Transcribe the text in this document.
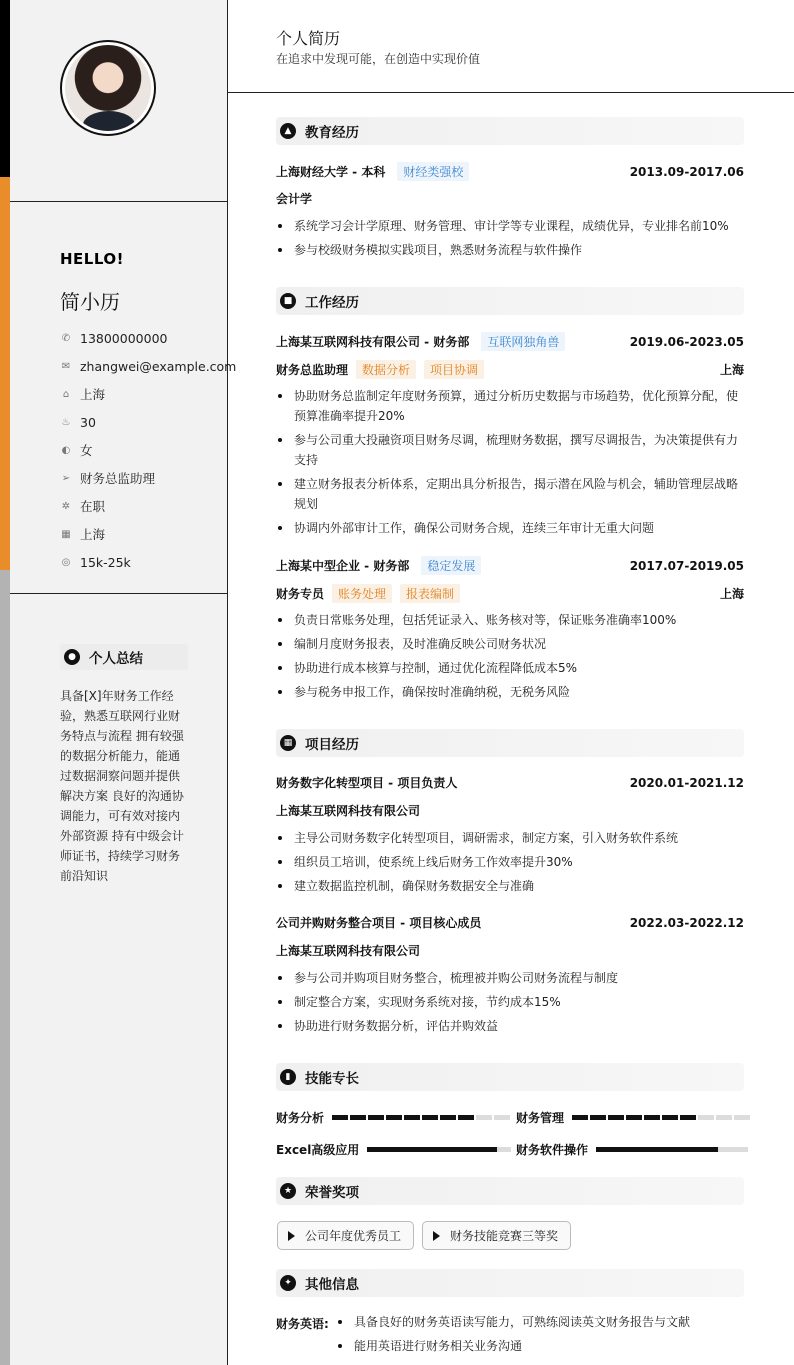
HELLO!
简小历
✆ 13800000000
✉ zhangwei@example.com
⌂ 上海
♨ 30
◐ 女
➢ 财务总监助理
✲ 在职
▦ 上海
◎ 15k-25k
● 个人总结
具备[X]年财务工作经验，熟悉互联网行业财务特点与流程 拥有较强的数据分析能力，能通过数据洞察问题并提供解决方案 良好的沟通协调能力，可有效对接内外部资源 持有中级会计师证书，持续学习财务前沿知识
个人简历
在追求中发现可能，在创造中实现价值
▲	教育经历
上海财经大学 - 本科	财经类强校	2013.09-2017.06
会计学
系统学习会计学原理、财务管理、审计学等专业课程，成绩优异，专业排名前10%
参与校级财务模拟实践项目，熟悉财务流程与软件操作
■ 工作经历
上海某互联网科技有限公司 - 财务部	互联网独角兽	2019.06-2023.05
财务总监助理	数据分析	项目协调	上海
协助财务总监制定年度财务预算，通过分析历史数据与市场趋势，优化预算分配，使预算准确率提升20%
参与公司重大投融资项目财务尽调，梳理财务数据，撰写尽调报告，为决策提供有力支持
建立财务报表分析体系，定期出具分析报告，揭示潜在风险与机会，辅助管理层战略规划
协调内外部审计工作，确保公司财务合规，连续三年审计无重大问题
上海某中型企业 - 财务部	稳定发展	2017.07-2019.05
财务专员	账务处理	报表编制	上海
负责日常账务处理，包括凭证录入、账务核对等，保证账务准确率100%
编制月度财务报表，及时准确反映公司财务状况
协助进行成本核算与控制，通过优化流程降低成本5%
参与税务申报工作，确保按时准确纳税，无税务风险
▦ 项目经历
财务数字化转型项目 - 项目负责人	2020.01-2021.12
上海某互联网科技有限公司
主导公司财务数字化转型项目，调研需求，制定方案，引入财务软件系统
组织员工培训，使系统上线后财务工作效率提升30%
建立数据监控机制，确保财务数据安全与准确
公司并购财务整合项目 - 项目核心成员	2022.03-2022.12
上海某互联网科技有限公司
参与公司并购项目财务整合，梳理被并购公司财务流程与制度
制定整合方案，实现财务系统对接，节约成本15%
协助进行财务数据分析，评估并购效益
▮	技能专长
财务分析	财务管理
Excel高级应用	财务软件操作
★ 荣誉奖项
公司年度优秀员工	财务技能竞赛三等奖
✦ 其他信息
财务英语:	具备良好的财务英语读写能力，可熟练阅读英文财务报告与文献
能用英语进行财务相关业务沟通
